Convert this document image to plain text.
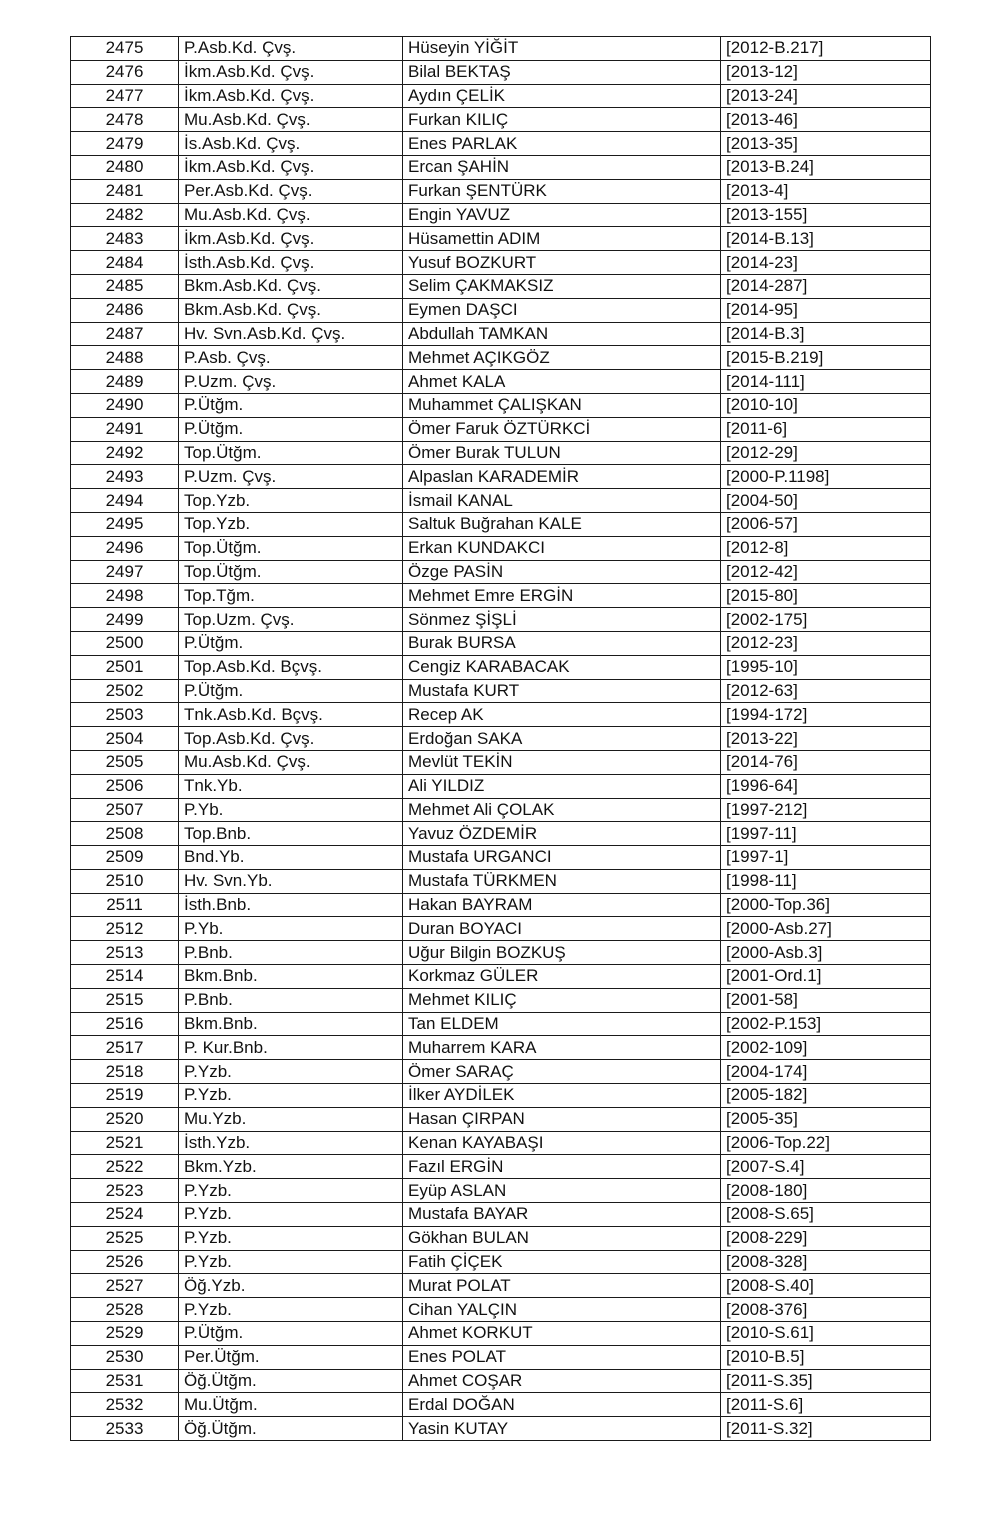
2475	P.Asb.Kd. Çvş.	Hüseyin YİĞİT	[2012-B.217]
2476	İkm.Asb.Kd. Çvş.	Bilal BEKTAŞ	[2013-12]
2477	İkm.Asb.Kd. Çvş.	Aydın ÇELİK	[2013-24]
2478	Mu.Asb.Kd. Çvş.	Furkan KILIÇ	[2013-46]
2479	İs.Asb.Kd. Çvş.	Enes PARLAK	[2013-35]
2480	İkm.Asb.Kd. Çvş.	Ercan ŞAHİN	[2013-B.24]
2481	Per.Asb.Kd. Çvş.	Furkan ŞENTÜRK	[2013-4]
2482	Mu.Asb.Kd. Çvş.	Engin YAVUZ	[2013-155]
2483	İkm.Asb.Kd. Çvş.	Hüsamettin ADIM	[2014-B.13]
2484	İsth.Asb.Kd. Çvş.	Yusuf BOZKURT	[2014-23]
2485	Bkm.Asb.Kd. Çvş.	Selim ÇAKMAKSIZ	[2014-287]
2486	Bkm.Asb.Kd. Çvş.	Eymen DAŞCI	[2014-95]
2487	Hv. Svn.Asb.Kd. Çvş.	Abdullah TAMKAN	[2014-B.3]
2488	P.Asb. Çvş.	Mehmet AÇIKGÖZ	[2015-B.219]
2489	P.Uzm. Çvş.	Ahmet KALA	[2014-111]
2490	P.Ütğm.	Muhammet ÇALIŞKAN	[2010-10]
2491	P.Ütğm.	Ömer Faruk ÖZTÜRKCİ	[2011-6]
2492	Top.Ütğm.	Ömer Burak TULUN	[2012-29]
2493	P.Uzm. Çvş.	Alpaslan KARADEMİR	[2000-P.1198]
2494	Top.Yzb.	İsmail KANAL	[2004-50]
2495	Top.Yzb.	Saltuk Buğrahan KALE	[2006-57]
2496	Top.Ütğm.	Erkan KUNDAKCI	[2012-8]
2497	Top.Ütğm.	Özge PASİN	[2012-42]
2498	Top.Tğm.	Mehmet Emre ERGİN	[2015-80]
2499	Top.Uzm. Çvş.	Sönmez ŞİŞLİ	[2002-175]
2500	P.Ütğm.	Burak BURSA	[2012-23]
2501	Top.Asb.Kd. Bçvş.	Cengiz KARABACAK	[1995-10]
2502	P.Ütğm.	Mustafa KURT	[2012-63]
2503	Tnk.Asb.Kd. Bçvş.	Recep AK	[1994-172]
2504	Top.Asb.Kd. Çvş.	Erdoğan SAKA	[2013-22]
2505	Mu.Asb.Kd. Çvş.	Mevlüt TEKİN	[2014-76]
2506	Tnk.Yb.	Ali YILDIZ	[1996-64]
2507	P.Yb.	Mehmet Ali ÇOLAK	[1997-212]
2508	Top.Bnb.	Yavuz ÖZDEMİR	[1997-11]
2509	Bnd.Yb.	Mustafa URGANCI	[1997-1]
2510	Hv. Svn.Yb.	Mustafa TÜRKMEN	[1998-11]
2511	İsth.Bnb.	Hakan BAYRAM	[2000-Top.36]
2512	P.Yb.	Duran BOYACI	[2000-Asb.27]
2513	P.Bnb.	Uğur Bilgin BOZKUŞ	[2000-Asb.3]
2514	Bkm.Bnb.	Korkmaz GÜLER	[2001-Ord.1]
2515	P.Bnb.	Mehmet KILIÇ	[2001-58]
2516	Bkm.Bnb.	Tan ELDEM	[2002-P.153]
2517	P. Kur.Bnb.	Muharrem KARA	[2002-109]
2518	P.Yzb.	Ömer SARAÇ	[2004-174]
2519	P.Yzb.	İlker AYDİLEK	[2005-182]
2520	Mu.Yzb.	Hasan ÇIRPAN	[2005-35]
2521	İsth.Yzb.	Kenan KAYABAŞI	[2006-Top.22]
2522	Bkm.Yzb.	Fazıl ERGİN	[2007-S.4]
2523	P.Yzb.	Eyüp ASLAN	[2008-180]
2524	P.Yzb.	Mustafa BAYAR	[2008-S.65]
2525	P.Yzb.	Gökhan BULAN	[2008-229]
2526	P.Yzb.	Fatih ÇİÇEK	[2008-328]
2527	Öğ.Yzb.	Murat POLAT	[2008-S.40]
2528	P.Yzb.	Cihan YALÇIN	[2008-376]
2529	P.Ütğm.	Ahmet KORKUT	[2010-S.61]
2530	Per.Ütğm.	Enes POLAT	[2010-B.5]
2531	Öğ.Ütğm.	Ahmet COŞAR	[2011-S.35]
2532	Mu.Ütğm.	Erdal DOĞAN	[2011-S.6]
2533	Öğ.Ütğm.	Yasin KUTAY	[2011-S.32]
